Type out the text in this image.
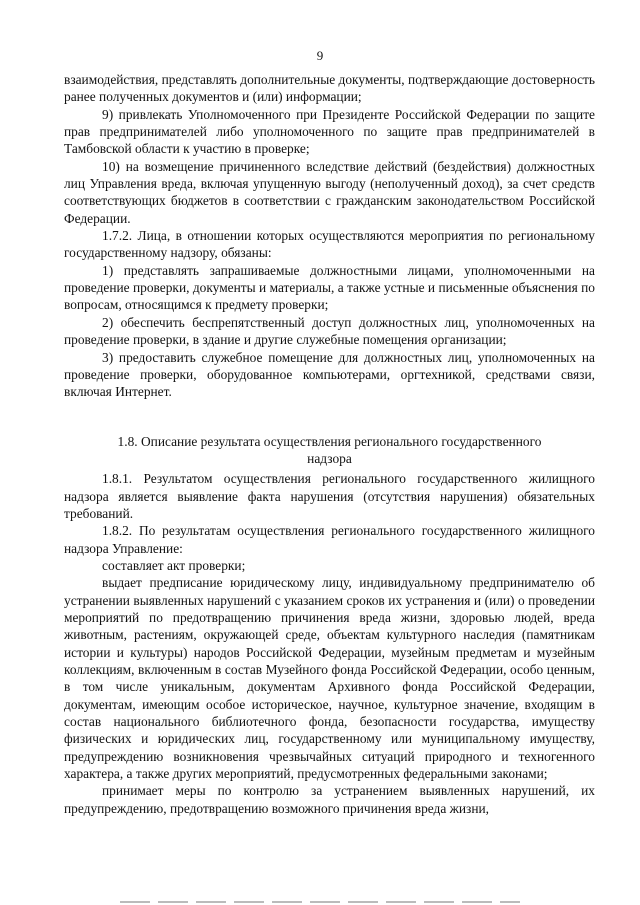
9

взаимодействия, представлять дополнительные документы, подтверждающие достоверность ранее полученных документов и (или) информации;

9) привлекать Уполномоченного при Президенте Российской Федерации по защите прав предпринимателей либо уполномоченного по защите прав предпринимателей в Тамбовской области к участию в проверке;

10) на возмещение причиненного вследствие действий (бездействия) должностных лиц Управления вреда, включая упущенную выгоду (неполученный доход), за счет средств соответствующих бюджетов в соответствии с гражданским законодательством Российской Федерации.

1.7.2. Лица, в отношении которых осуществляются мероприятия по региональному государственному надзору, обязаны:

1) представлять запрашиваемые должностными лицами, уполномоченными на проведение проверки, документы и материалы, а также устные и письменные объяснения по вопросам, относящимся к предмету проверки;

2) обеспечить беспрепятственный доступ должностных лиц, уполномоченных на проведение проверки, в здание и другие служебные помещения организации;

3) предоставить служебное помещение для должностных лиц, уполномоченных на проведение проверки, оборудованное компьютерами, оргтехникой, средствами связи, включая Интернет.

1.8. Описание результата осуществления регионального государственного
надзора

1.8.1. Результатом осуществления регионального государственного жилищного надзора является выявление факта нарушения (отсутствия нарушения) обязательных требований.

1.8.2. По результатам осуществления регионального государственного жилищного надзора Управление:

составляет акт проверки;

выдает предписание юридическому лицу, индивидуальному предпринимателю об устранении выявленных нарушений с указанием сроков их устранения и (или) о проведении мероприятий по предотвращению причинения вреда жизни, здоровью людей, вреда животным, растениям, окружающей среде, объектам культурного наследия (памятникам истории и культуры) народов Российской Федерации, музейным предметам и музейным коллекциям, включенным в состав Музейного фонда Российской Федерации, особо ценным, в том числе уникальным, документам Архивного фонда Российской Федерации, документам, имеющим особое историческое, научное, культурное значение, входящим в состав национального библиотечного фонда, безопасности государства, имуществу физических и юридических лиц, государственному или муниципальному имуществу, предупреждению возникновения чрезвычайных ситуаций природного и техногенного характера, а также других мероприятий, предусмотренных федеральными законами;

принимает меры по контролю за устранением выявленных нарушений, их предупреждению, предотвращению возможного причинения вреда жизни,
